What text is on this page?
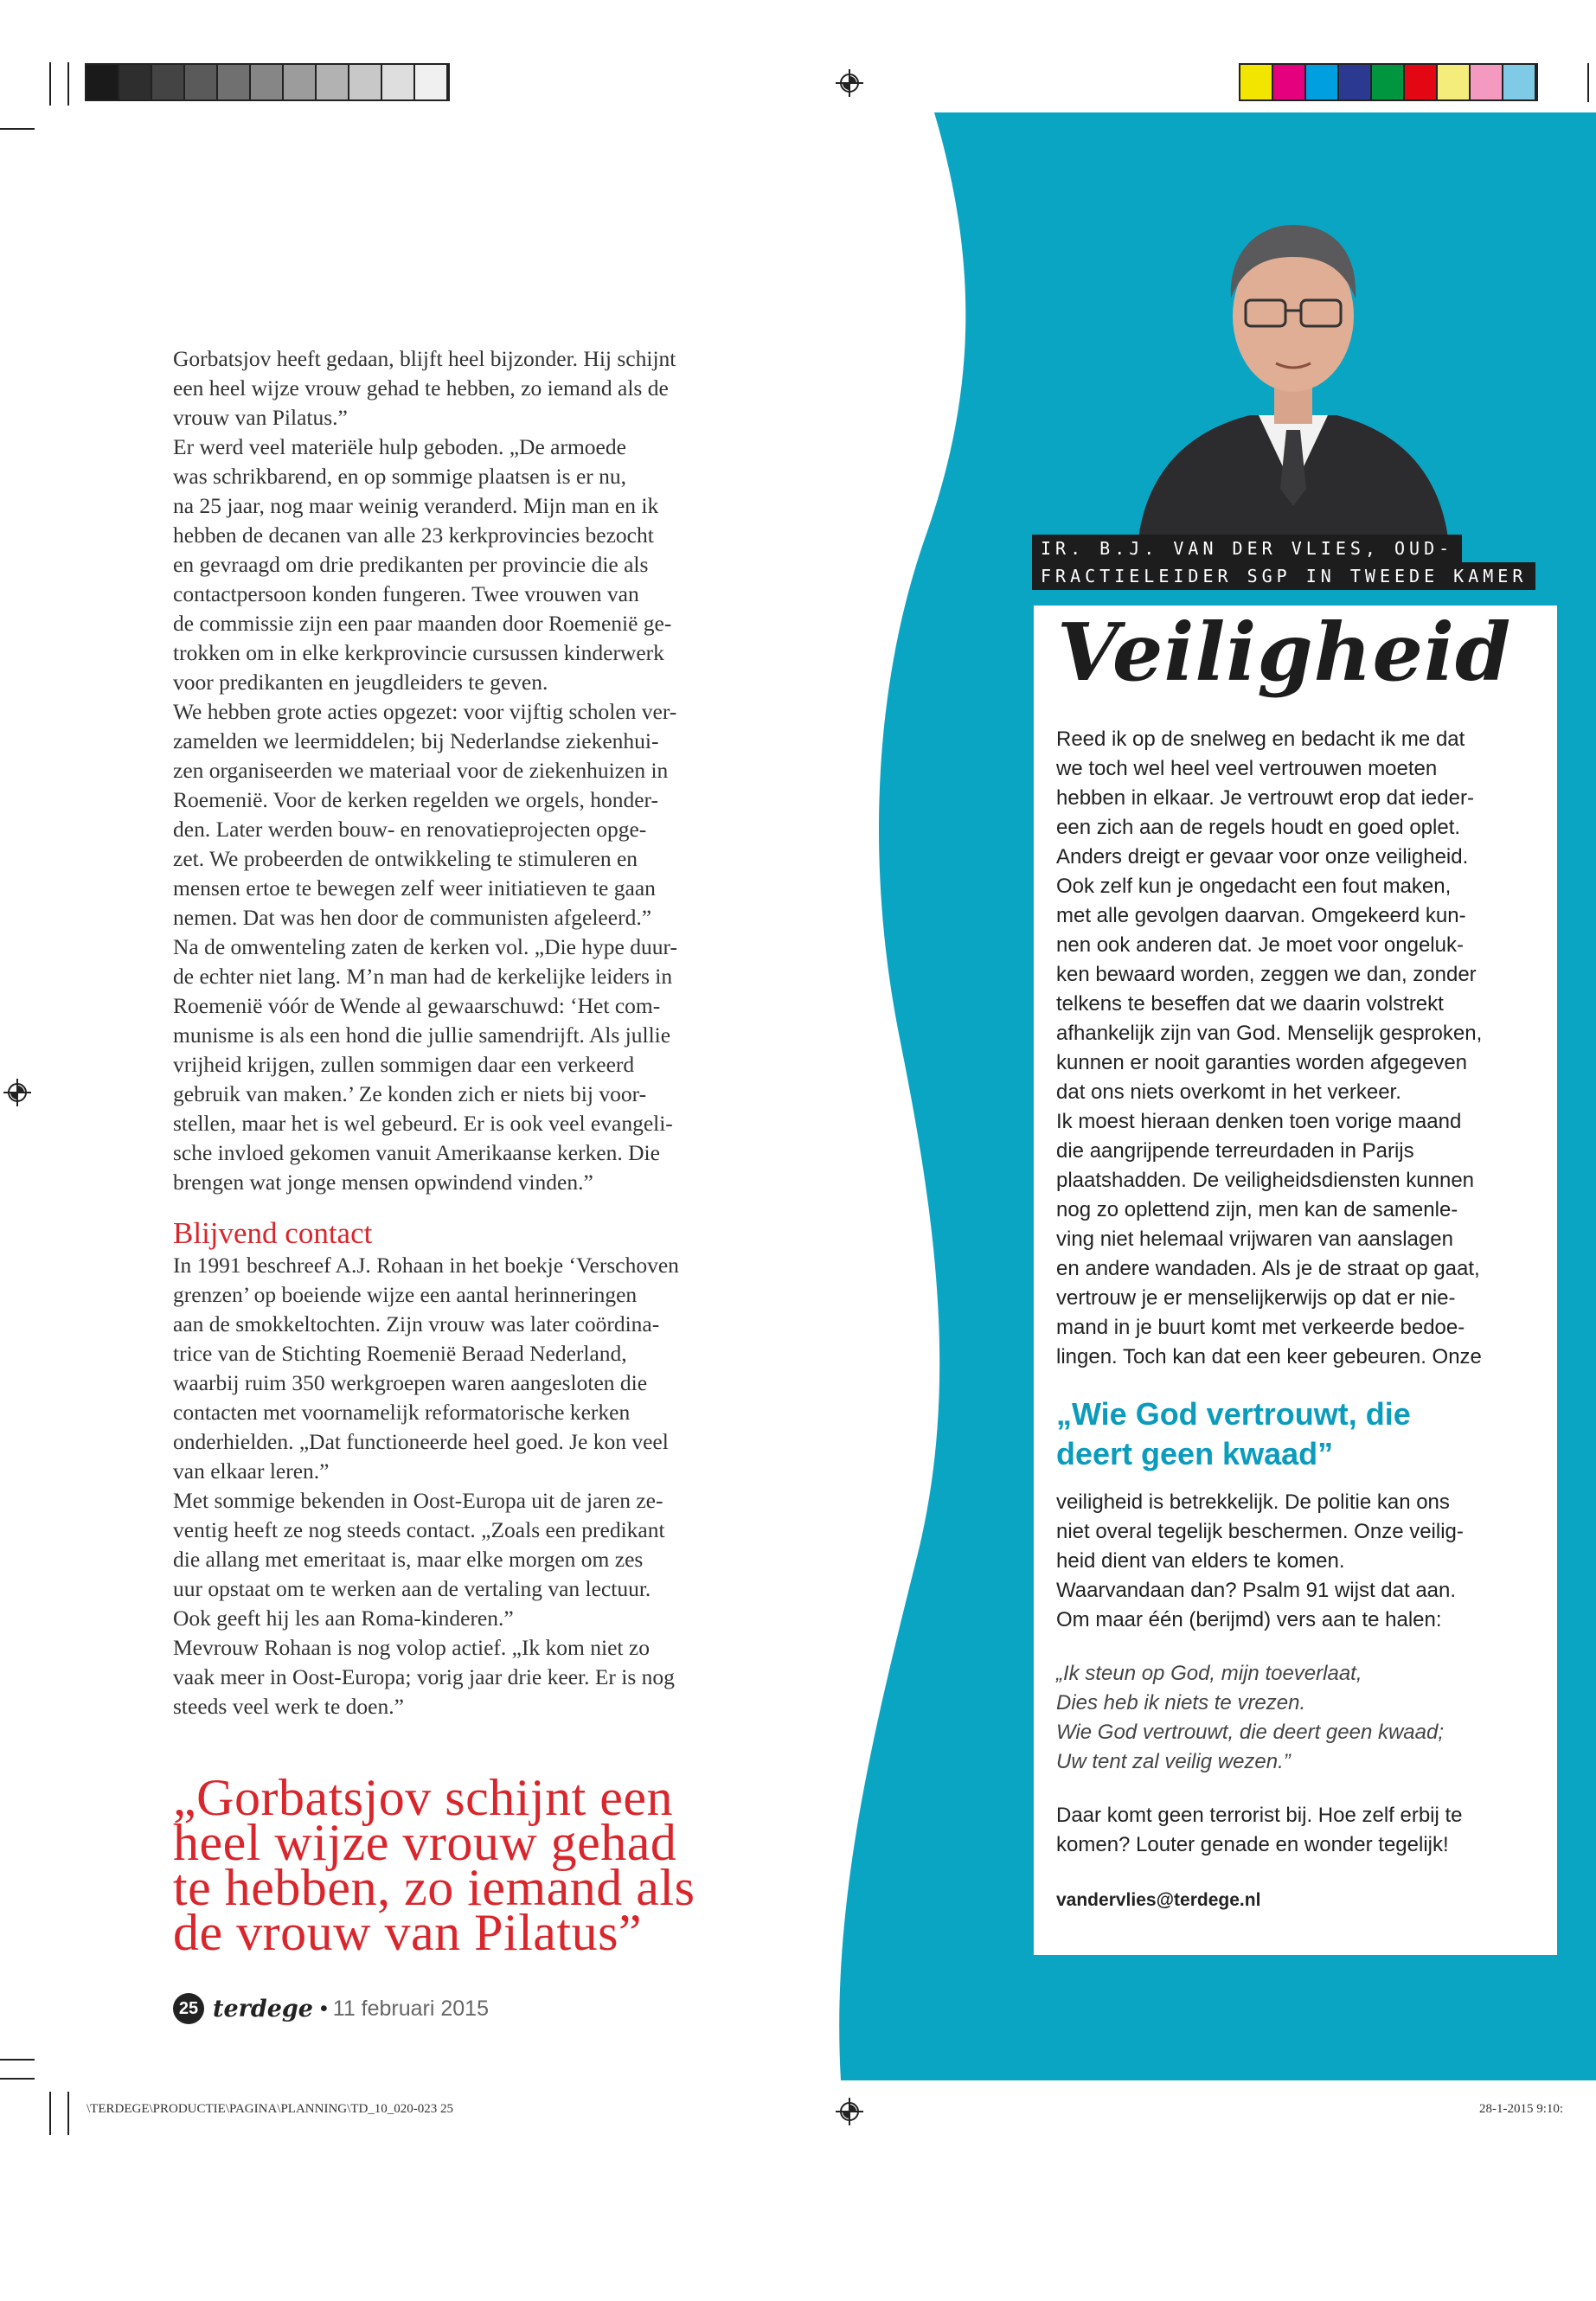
IR. B.J. VAN DER VLIES, OUD-
FRACTIELEIDER SGP IN TWEEDE KAMER
Veiligheid

Reed ik op de snelweg en bedacht ik me dat
we toch wel heel veel vertrouwen moeten
hebben in elkaar. Je vertrouwt erop dat ieder-
een zich aan de regels houdt en goed oplet.
Anders dreigt er gevaar voor onze veiligheid.
Ook zelf kun je ongedacht een fout maken,
met alle gevolgen daarvan. Omgekeerd kun-
nen ook anderen dat. Je moet voor ongeluk-
ken bewaard worden, zeggen we dan, zonder
telkens te beseffen dat we daarin volstrekt
afhankelijk zijn van God. Menselijk gesproken,
kunnen er nooit garanties worden afgegeven
dat ons niets overkomt in het verkeer.

Ik moest hieraan denken toen vorige maand
die aangrijpende terreurdaden in Parijs
plaatshadden. De veiligheidsdiensten kunnen
nog zo oplettend zijn, men kan de samenle-
ving niet helemaal vrijwaren van aanslagen
en andere wandaden. Als je de straat op gaat,
vertrouw je er menselijkerwijs op dat er nie-
mand in je buurt komt met verkeerde bedoe-
lingen. Toch kan dat een keer gebeuren. Onze

„Wie God vertrouwt, die
deert geen kwaad”

veiligheid is betrekkelijk. De politie kan ons
niet overal tegelijk beschermen. Onze veilig-
heid dient van elders te komen.
Waarvandaan dan? Psalm 91 wijst dat aan.
Om maar één (berijmd) vers aan te halen:

„Ik steun op God, mijn toeverlaat,
Dies heb ik niets te vrezen.
Wie God vertrouwt, die deert geen kwaad;
Uw tent zal veilig wezen.”

Daar komt geen terrorist bij. Hoe zelf erbij te
komen? Louter genade en wonder tegelijk!

vandervlies@terdege.nl

Gorbatsjov heeft gedaan, blijft heel bijzonder. Hij schijnt
een heel wijze vrouw gehad te hebben, zo iemand als de
vrouw van Pilatus.”

Er werd veel materiële hulp geboden. „De armoede
was schrikbarend, en op sommige plaatsen is er nu,
na 25 jaar, nog maar weinig veranderd. Mijn man en ik
hebben de decanen van alle 23 kerkprovincies bezocht
en gevraagd om drie predikanten per provincie die als
contactpersoon konden fungeren. Twee vrouwen van
de commissie zijn een paar maanden door Roemenië ge-
trokken om in elke kerkprovincie cursussen kinderwerk
voor predikanten en jeugdleiders te geven.

We hebben grote acties opgezet: voor vijftig scholen ver-
zamelden we leermiddelen; bij Nederlandse ziekenhui-
zen organiseerden we materiaal voor de ziekenhuizen in
Roemenië. Voor de kerken regelden we orgels, honder-
den. Later werden bouw- en renovatieprojecten opge-
zet. We probeerden de ontwikkeling te stimuleren en
mensen ertoe te bewegen zelf weer initiatieven te gaan
nemen. Dat was hen door de communisten afgeleerd.”

Na de omwenteling zaten de kerken vol. „Die hype duur-
de echter niet lang. M’n man had de kerkelijke leiders in
Roemenië vóór de Wende al gewaarschuwd: ‘Het com-
munisme is als een hond die jullie samendrijft. Als jullie
vrijheid krijgen, zullen sommigen daar een verkeerd
gebruik van maken.’ Ze konden zich er niets bij voor-
stellen, maar het is wel gebeurd. Er is ook veel evangeli-
sche invloed gekomen vanuit Amerikaanse kerken. Die
brengen wat jonge mensen opwindend vinden.”

Blijvend contact

In 1991 beschreef A.J. Rohaan in het boekje ‘Verschoven
grenzen’ op boeiende wijze een aantal herinneringen
aan de smokkeltochten. Zijn vrouw was later coördina-
trice van de Stichting Roemenië Beraad Nederland,
waarbij ruim 350 werkgroepen waren aangesloten die
contacten met voornamelijk reformatorische kerken
onderhielden. „Dat functioneerde heel goed. Je kon veel
van elkaar leren.”

Met sommige bekenden in Oost-Europa uit de jaren ze-
ventig heeft ze nog steeds contact. „Zoals een predikant
die allang met emeritaat is, maar elke morgen om zes
uur opstaat om te werken aan de vertaling van lectuur.
Ook geeft hij les aan Roma-kinderen.”

Mevrouw Rohaan is nog volop actief. „Ik kom niet zo
vaak meer in Oost-Europa; vorig jaar drie keer. Er is nog
steeds veel werk te doen.”

„Gorbatsjov schijnt een
heel wijze vrouw gehad
te hebben, zo iemand als
de vrouw van Pilatus”
25 terdege • 11 februari 2015
\TERDEGE\PRODUCTIE\PAGINA\PLANNING\TD_10_020-023 25	28-1-2015 9:10:
